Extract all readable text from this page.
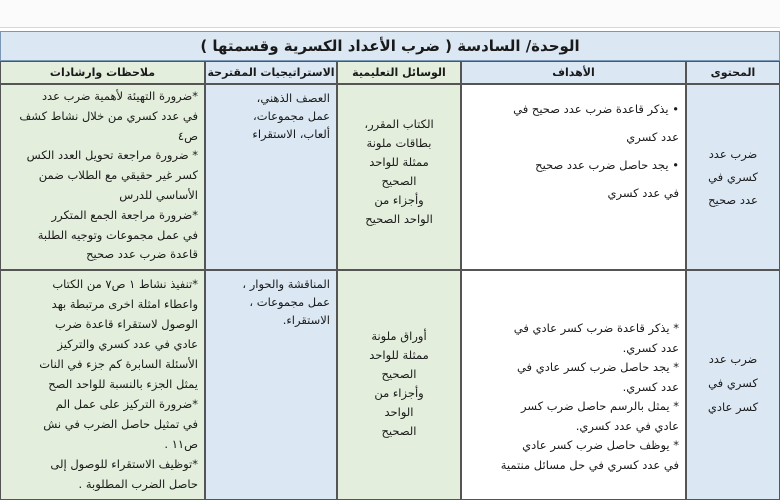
الوحدة/ السادسة ( ضرب الأعداد الكسرية وقسمتها )
المحتوى
الأهداف
الوسائل التعليمية
الاستراتيجيات المقترحة
ملاحظات وارشادات
ضرب عدد
كسري في
عدد صحيح
• يذكر قاعدة ضرب عدد صحيح في
عدد كسري
• يجد حاصل ضرب عدد صحيح
في عدد كسري
الكتاب المقرر،
بطاقات ملونة
ممثلة للواحد
الصحيح
وأجزاء من
الواحد الصحيح
العصف الذهني،
عمل مجموعات،
ألعاب، الاستقراء
*ضرورة التهيئة لأهمية ضرب عدد
في عدد كسري من خلال نشاط كشف
ص٤
* ضرورة مراجعة تحويل العدد الكس
كسر غير حقيقي مع الطلاب ضمن
الأساسي للدرس
*ضرورة مراجعة الجمع المتكرر
في عمل مجموعات وتوجيه الطلبة
قاعدة ضرب عدد صحيح
ضرب عدد
كسري في
كسر عادي
* يذكر قاعدة ضرب كسر عادي في
عدد كسري.
* يجد حاصل ضرب كسر عادي في
عدد كسري.
* يمثل بالرسم حاصل ضرب كسر
عادي في عدد كسري.
* يوظف حاصل ضرب كسر عادي
في عدد كسري في حل مسائل منتمية
أوراق ملونة
ممثلة للواحد
الصحيح
وأجزاء من
الواحد
الصحيح
المناقشة والحوار ،
عمل مجموعات ،
الاستقراء.
*تنفيذ نشاط ١ ص٧ من الكتاب
واعطاء امثلة اخرى مرتبطة بهد
الوصول لاستقراء قاعدة ضرب
عادي في عدد كسري والتركيز
الأسئلة السابرة كم جزء في النات
يمثل الجزء بالنسبة للواحد الصح
*ضرورة التركيز على عمل الم
في تمثيل حاصل الضرب في نش
ص١١ .
*توظيف الاستقراء للوصول إلى
حاصل الضرب المطلوبة .
